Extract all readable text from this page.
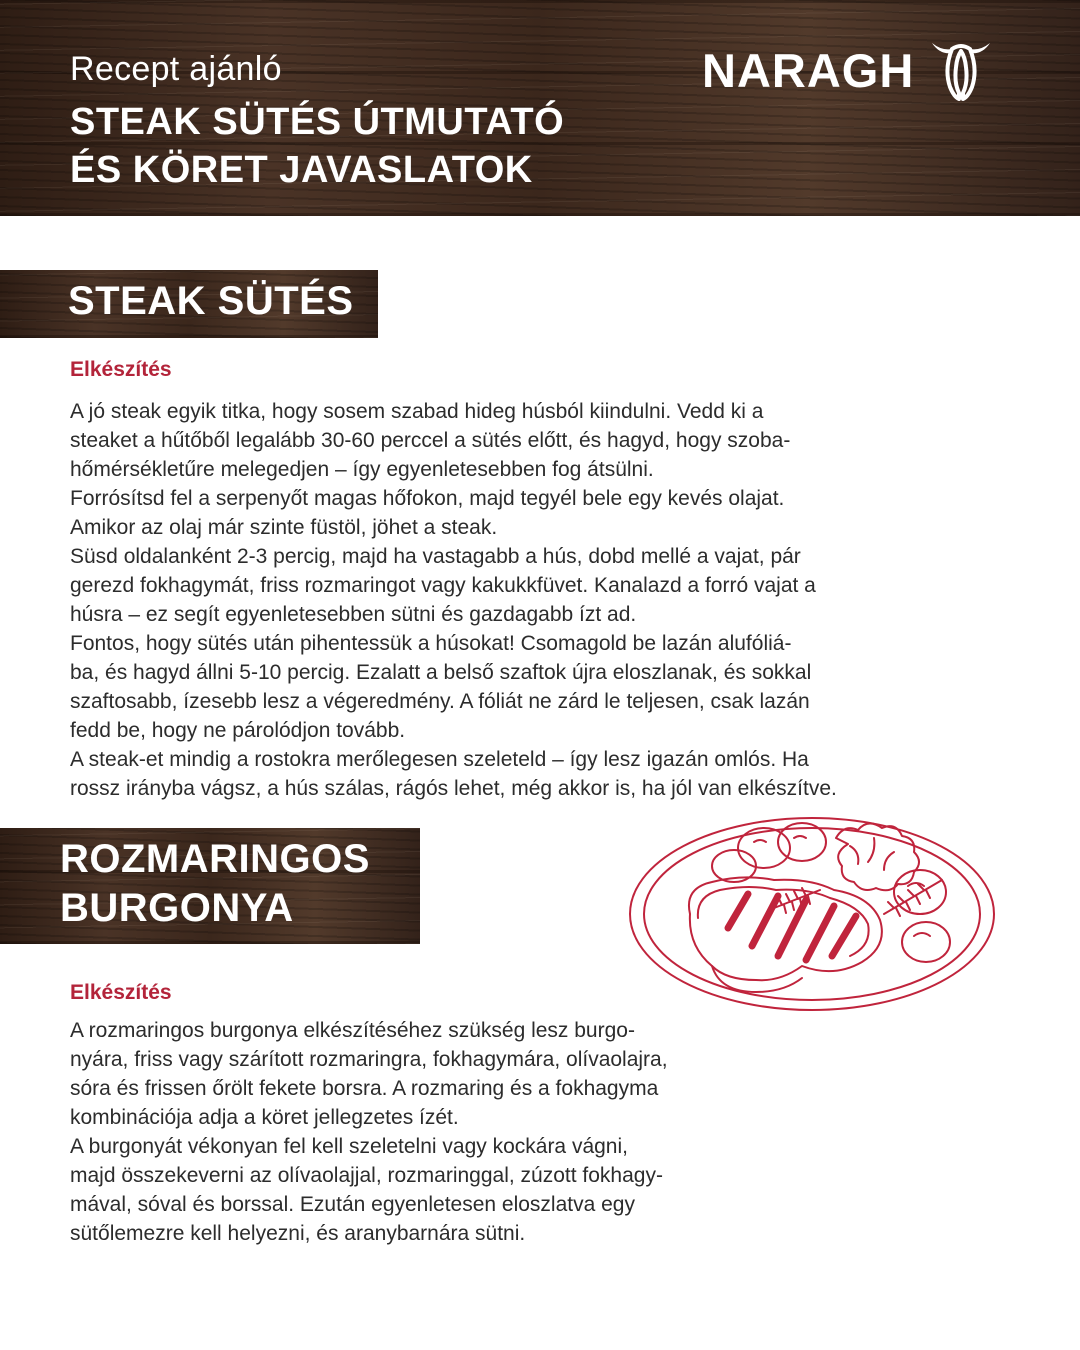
Recept ajánló
STEAK SÜTÉS ÚTMUTATÓ
ÉS KÖRET JAVASLATOK
NARAGH
STEAK SÜTÉS
Elkészítés
A jó steak egyik titka, hogy sosem szabad hideg húsból kiindulni. Vedd ki a
steaket a hűtőből legalább 30-60 perccel a sütés előtt, és hagyd, hogy szoba-
hőmérsékletűre melegedjen – így egyenletesebben fog átsülni.
Forrósítsd fel a serpenyőt magas hőfokon, majd tegyél bele egy kevés olajat.
Amikor az olaj már szinte füstöl, jöhet a steak.
Süsd oldalanként 2-3 percig, majd ha vastagabb a hús, dobd mellé a vajat, pár
gerezd fokhagymát, friss rozmaringot vagy kakukkfüvet. Kanalazd a forró vajat a
húsra – ez segít egyenletesebben sütni és gazdagabb ízt ad.
Fontos, hogy sütés után pihentessük a húsokat! Csomagold be lazán alufóliá-
ba, és hagyd állni 5-10 percig. Ezalatt a belső szaftok újra eloszlanak, és sokkal
szaftosabb, ízesebb lesz a végeredmény. A fóliát ne zárd le teljesen, csak lazán
fedd be, hogy ne párolódjon tovább.
A steak-et mindig a rostokra merőlegesen szeleteld – így lesz igazán omlós. Ha
rossz irányba vágsz, a hús szálas, rágós lehet, még akkor is, ha jól van elkészítve.
ROZMARINGOS
BURGONYA
Elkészítés
A rozmaringos burgonya elkészítéséhez szükség lesz burgo-
nyára, friss vagy szárított rozmaringra, fokhagymára, olívaolajra,
sóra és frissen őrölt fekete borsra. A rozmaring és a fokhagyma
kombinációja adja a köret jellegzetes ízét.
A burgonyát vékonyan fel kell szeletelni vagy kockára vágni,
majd összekeverni az olívaolajjal, rozmaringgal, zúzott fokhagy-
mával, sóval és borssal. Ezután egyenletesen eloszlatva egy
sütőlemezre kell helyezni, és aranybarnára sütni.
